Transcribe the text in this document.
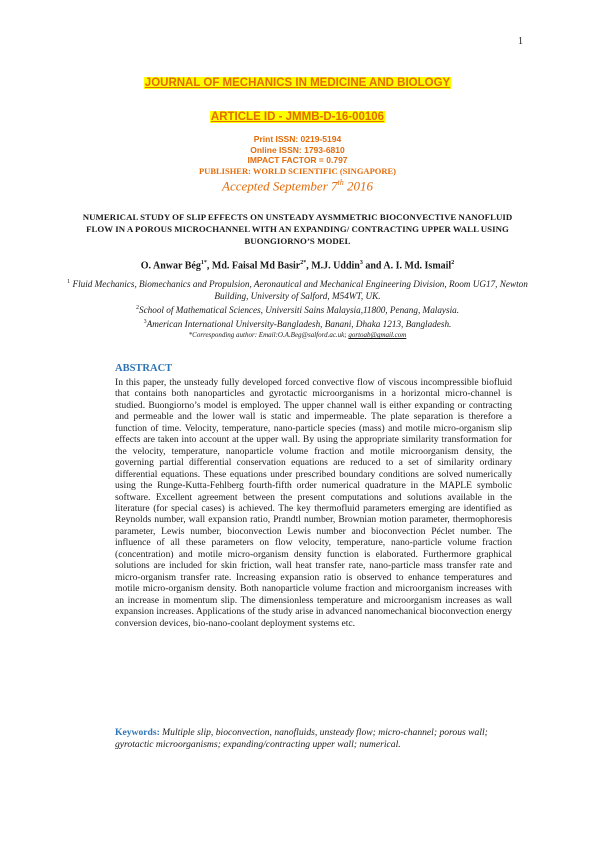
1
JOURNAL OF MECHANICS IN MEDICINE AND BIOLOGY
ARTICLE ID - JMMB-D-16-00106
Print ISSN: 0219-5194
Online ISSN: 1793-6810
IMPACT FACTOR = 0.797
PUBLISHER: WORLD SCIENTIFIC (SINGAPORE)
Accepted September 7th 2016
NUMERICAL STUDY OF SLIP EFFECTS ON UNSTEADY AYSMMETRIC BIOCONVECTIVE NANOFLUID FLOW IN A POROUS MICROCHANNEL WITH AN EXPANDING/ CONTRACTING UPPER WALL USING BUONGIORNO’S MODEL
O. Anwar Bég$^{1*}$, Md. Faisal Md Basir$^{2*}$, M.J. Uddin$^3$ and A. I. Md. Ismail$^2$
$^1$ Fluid Mechanics, Biomechanics and Propulsion, Aeronautical and Mechanical Engineering Division, Room UG17, Newton Building, University of Salford, M54WT, UK.
$^2$School of Mathematical Sciences, Universiti Sains Malaysia,11800, Penang, Malaysia.
$^3$American International University-Bangladesh, Banani, Dhaka 1213, Bangladesh.
*Corresponding author: Email:O.A.Beg@salford.ac.uk; gortoab@gmail.com
ABSTRACT
In this paper, the unsteady fully developed forced convective flow of viscous incompressible biofluid that contains both nanoparticles and gyrotactic microorganisms in a horizontal micro-channel is studied. Buongiorno’s model is employed. The upper channel wall is either expanding or contracting and permeable and the lower wall is static and impermeable. The plate separation is therefore a function of time. Velocity, temperature, nano-particle species (mass) and motile micro-organism slip effects are taken into account at the upper wall. By using the appropriate similarity transformation for the velocity, temperature, nanoparticle volume fraction and motile microorganism density, the governing partial differential conservation equations are reduced to a set of similarity ordinary differential equations. These equations under prescribed boundary conditions are solved numerically using the Runge-Kutta-Fehlberg fourth-fifth order numerical quadrature in the MAPLE symbolic software. Excellent agreement between the present computations and solutions available in the literature (for special cases) is achieved. The key thermofluid parameters emerging are identified as Reynolds number, wall expansion ratio, Prandtl number, Brownian motion parameter, thermophoresis parameter, Lewis number, bioconvection Lewis number and bioconvection Péclet number. The influence of all these parameters on flow velocity, temperature, nano-particle volume fraction (concentration) and motile micro-organism density function is elaborated. Furthermore graphical solutions are included for skin friction, wall heat transfer rate, nano-particle mass transfer rate and micro-organism transfer rate. Increasing expansion ratio is observed to enhance temperatures and motile micro-organism density. Both nanoparticle volume fraction and microorganism increases with an increase in momentum slip. The dimensionless temperature and microorganism increases as wall expansion increases. Applications of the study arise in advanced nanomechanical bioconvection energy conversion devices, bio-nano-coolant deployment systems etc.
Keywords: Multiple slip, bioconvection, nanofluids, unsteady flow; micro-channel; porous wall; gyrotactic microorganisms; expanding/contracting upper wall; numerical.
